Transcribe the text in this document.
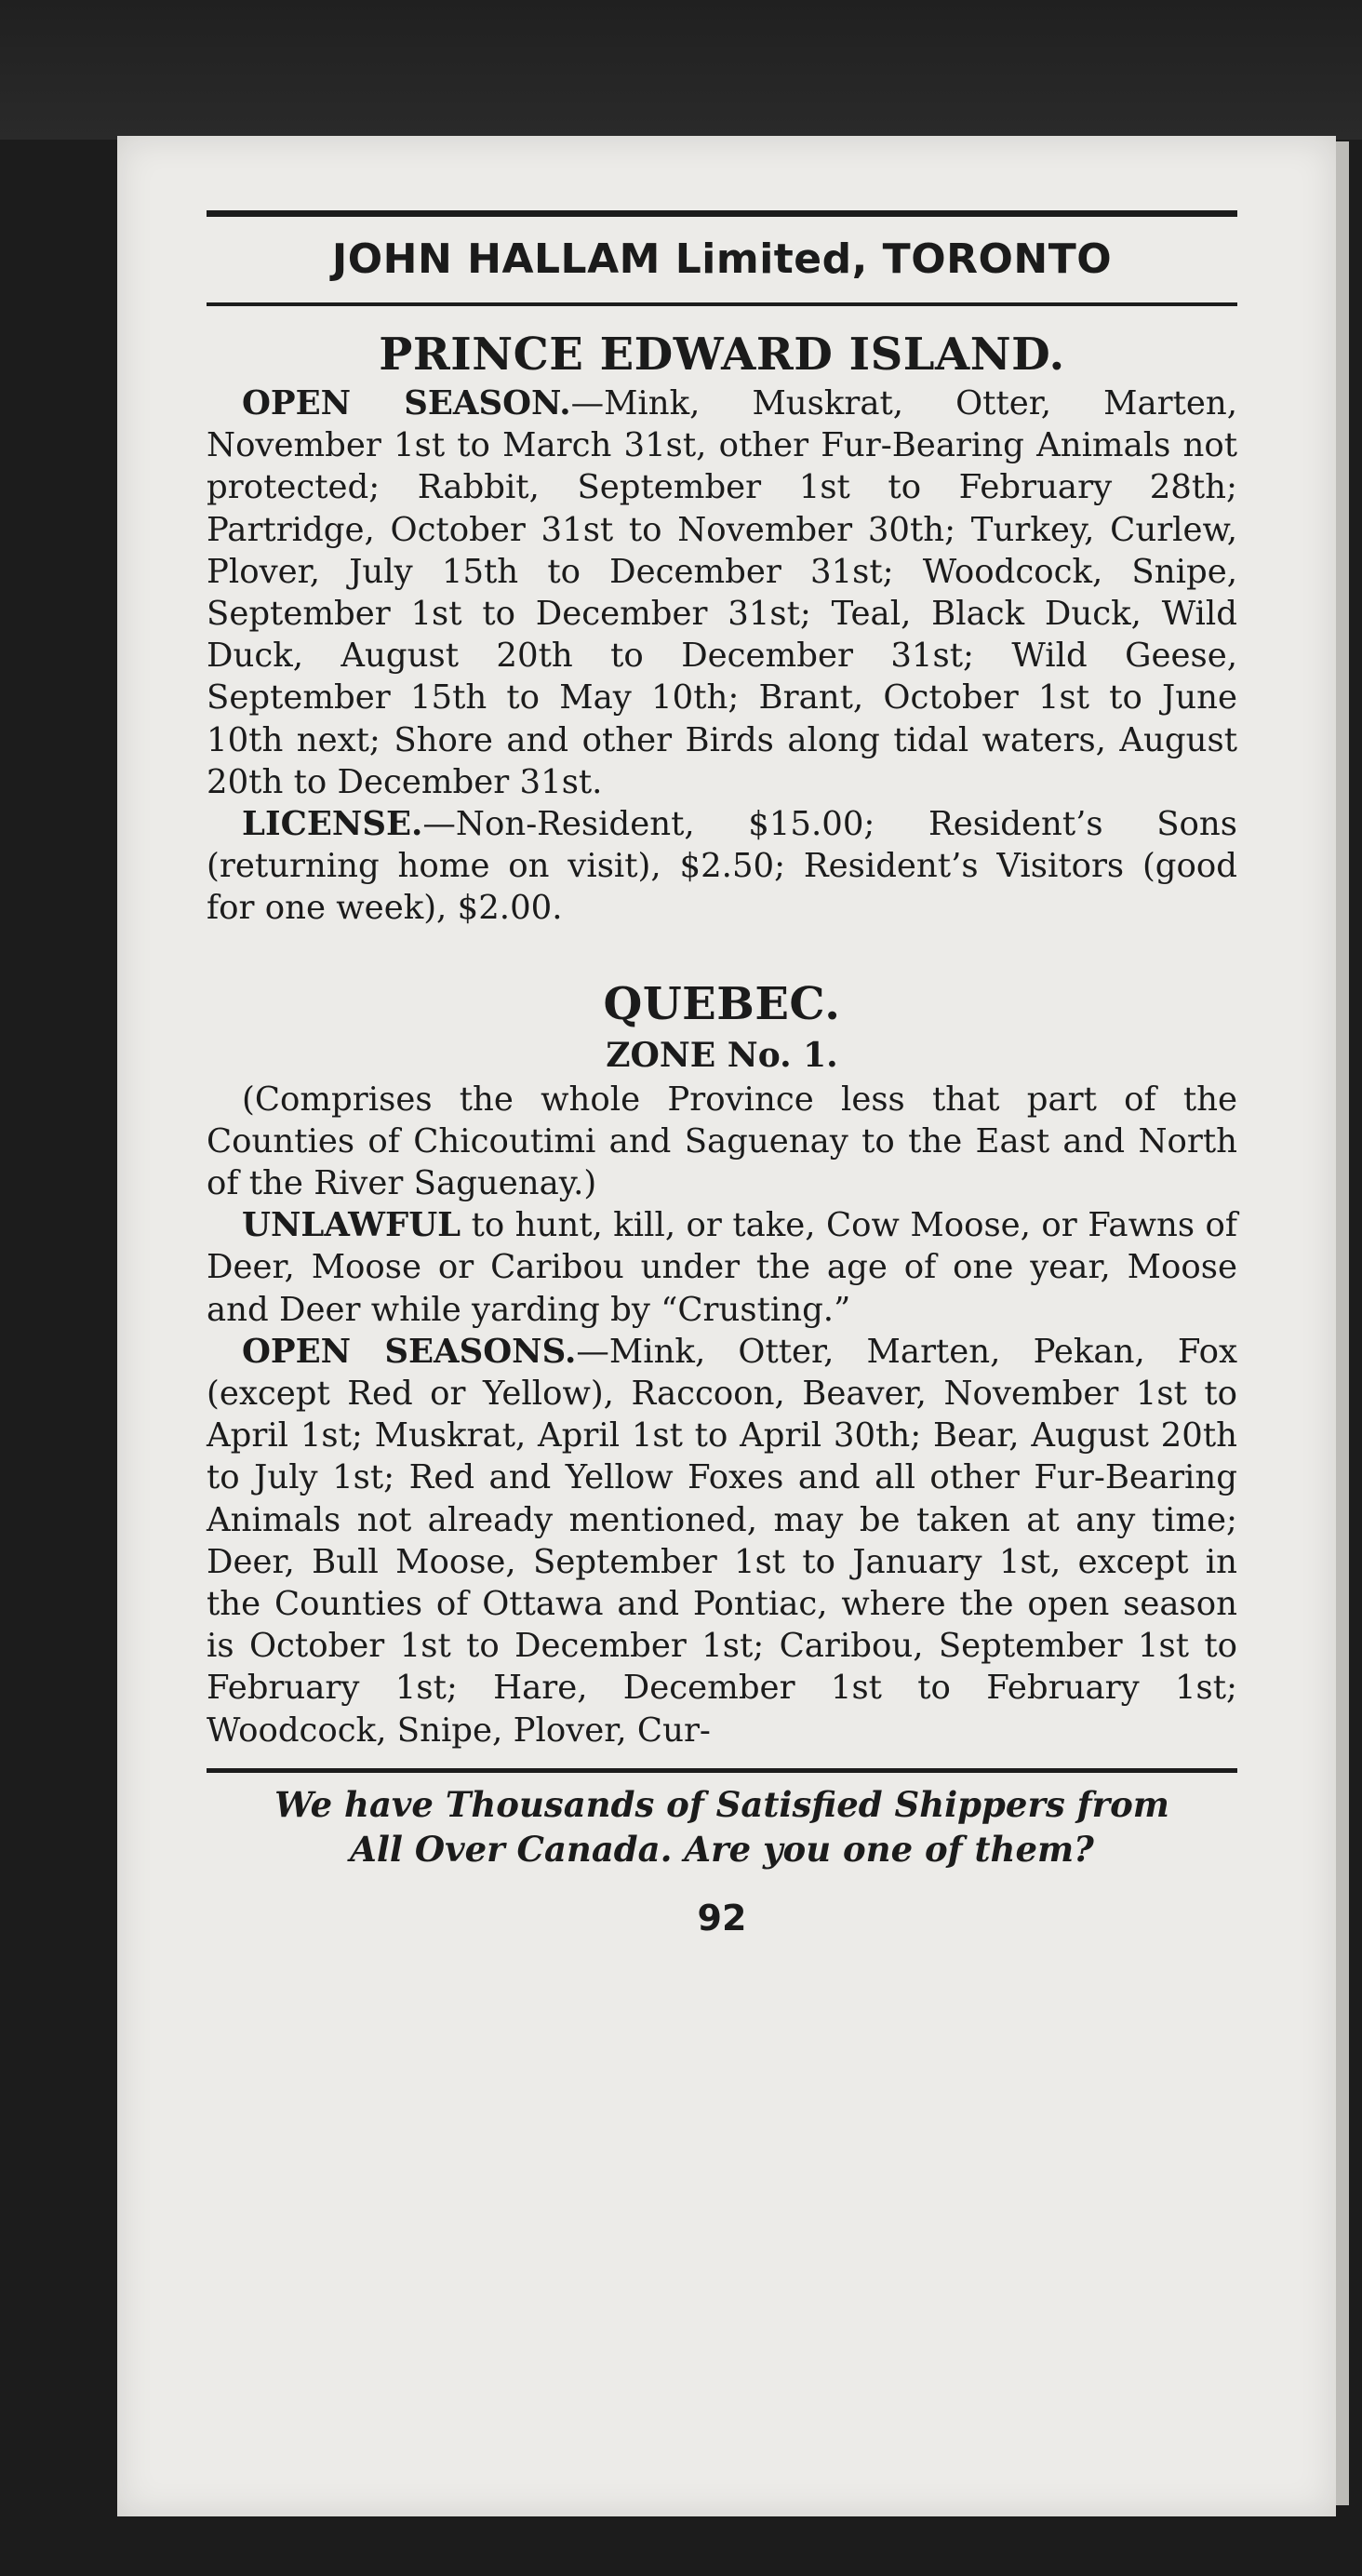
JOHN HALLAM Limited, TORONTO
PRINCE EDWARD ISLAND.

OPEN SEASON.—Mink, Muskrat, Otter, Marten, November 1st to March 31st, other Fur-Bearing Animals not protected; Rabbit, September 1st to February 28th; Partridge, October 31st to November 30th; Turkey, Curlew, Plover, July 15th to December 31st; Woodcock, Snipe, September 1st to December 31st; Teal, Black Duck, Wild Duck, August 20th to December 31st; Wild Geese, September 15th to May 10th; Brant, October 1st to June 10th next; Shore and other Birds along tidal waters, August 20th to December 31st.

LICENSE.—Non-Resident, $15.00; Resident’s Sons (returning home on visit), $2.50; Resident’s Visitors (good for one week), $2.00.

QUEBEC.
ZONE No. 1.

(Comprises the whole Province less that part of the Counties of Chicoutimi and Saguenay to the East and North of the River Saguenay.)

UNLAWFUL to hunt, kill, or take, Cow Moose, or Fawns of Deer, Moose or Caribou under the age of one year, Moose and Deer while yarding by “Crusting.”

OPEN SEASONS.—Mink, Otter, Marten, Pekan, Fox (except Red or Yellow), Raccoon, Beaver, November 1st to April 1st; Muskrat, April 1st to April 30th; Bear, August 20th to July 1st; Red and Yellow Foxes and all other Fur-Bearing Animals not already mentioned, may be taken at any time; Deer, Bull Moose, September 1st to January 1st, except in the Counties of Ottawa and Pontiac, where the open season is October 1st to December 1st; Caribou, September 1st to February 1st; Hare, December 1st to February 1st; Woodcock, Snipe, Plover, Cur-

We have Thousands of Satisfied Shippers from
All Over Canada. Are you one of them?
92
